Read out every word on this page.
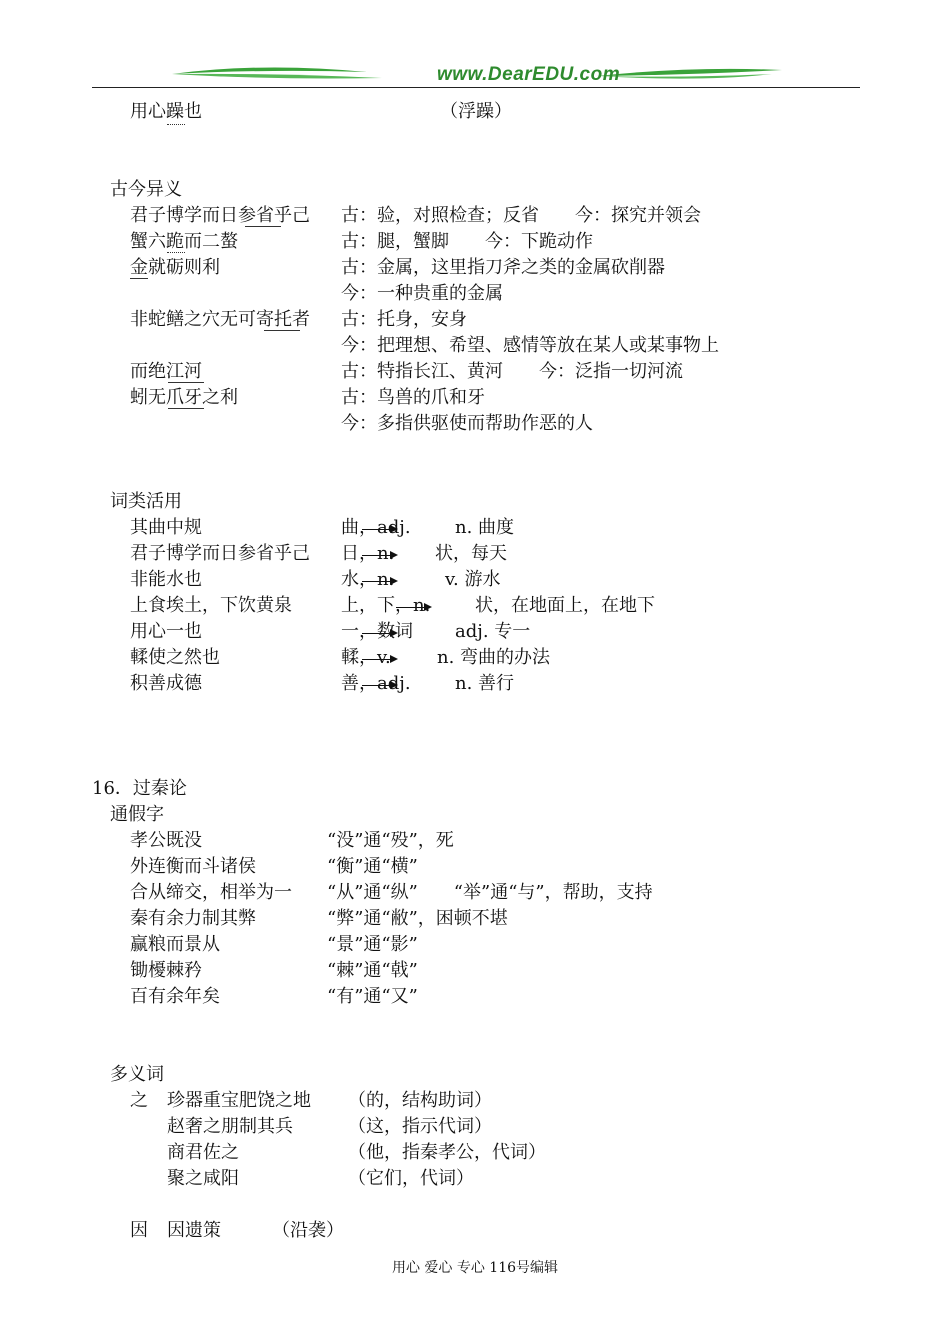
www.DearEDU.com
用心躁也	（浮躁）
古今异义
君子博学而日参省乎己 古：验，对照检查；反省　　今：探究并领会
蟹六跪而二螯	古：腿，蟹脚　　今：下跪动作
金就砺则利	古：金属，这里指刀斧之类的金属砍削器
今：一种贵重的金属
非蛇鳝之穴无可寄托者 古：托身，安身
今：把理想、希望、感情等放在某人或某事物上
而绝江河	古：特指长江、黄河　　今：泛指一切河流
蚓无爪牙之利	古：鸟兽的爪和牙
今：多指供驱使而帮助作恶的人
词类活用
其曲中规	曲，adj. n. 曲度
君子博学而日参省乎己 日，n. 状，每天
非能水也	水，n.	v. 游水
上食埃土，下饮黄泉	上，下，n. 状，在地面上，在地下
用心一也	一，数词 adj. 专一
輮使之然也	輮，v.	n. 弯曲的办法
积善成德	善，adj. n. 善行
16．过秦论
通假字
孝公既没	“没”通“殁”，死
外连衡而斗诸侯	“衡”通“横”
合从缔交，相举为一 “从”通“纵”　　“举”通“与”，帮助，支持
秦有余力制其弊	“弊”通“敝”，困顿不堪
赢粮而景从	“景”通“影”
锄櫌棘矜	“棘”通“戟”
百有余年矣	“有”通“又”
多义词
之 珍器重宝肥饶之地 （的，结构助词）
赵奢之朋制其兵	（这，指示代词）
商君佐之	（他，指秦孝公，代词）
聚之咸阳	（它们，代词）
因 因遗策	（沿袭）
用心 爱心 专心 116号编辑
